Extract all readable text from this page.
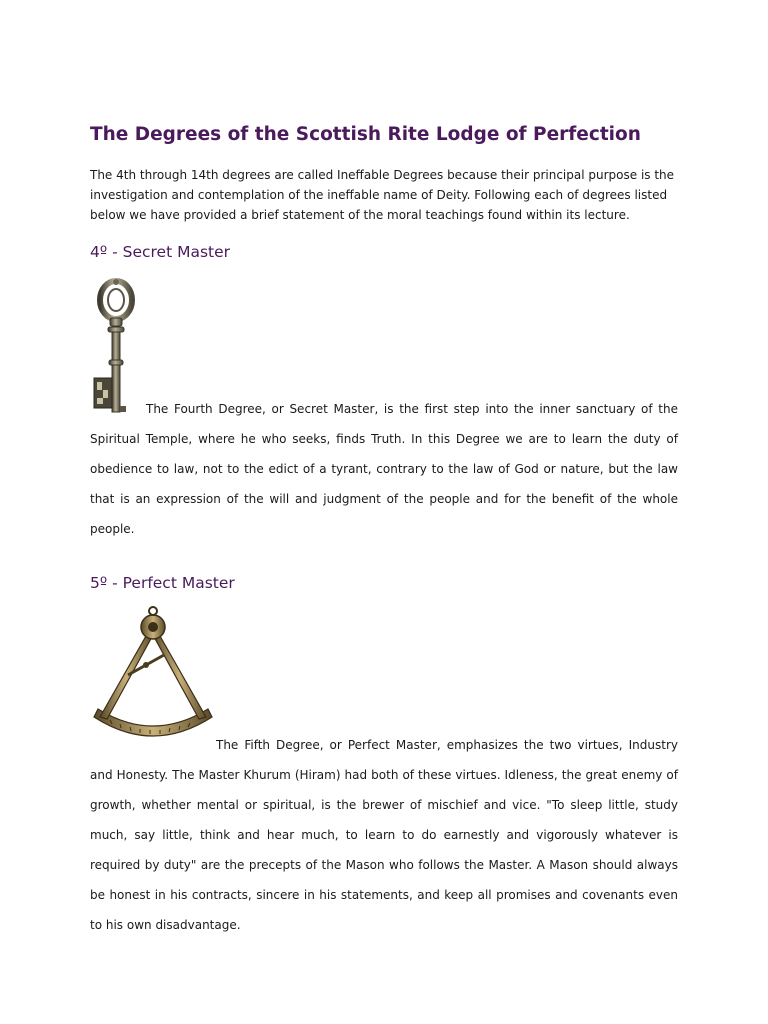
The Degrees of the Scottish Rite Lodge of Perfection

The 4th through 14th degrees are called Ineffable Degrees because their principal purpose is the investigation and contemplation of the ineffable name of Deity. Following each of degrees listed below we have provided a brief statement of the moral teachings found within its lecture.

4º - Secret Master

The Fourth Degree, or Secret Master, is the first step into the inner sanctuary of the Spiritual Temple, where he who seeks, finds Truth. In this Degree we are to learn the duty of obedience to law, not to the edict of a tyrant, contrary to the law of God or nature, but the law that is an expression of the will and judgment of the people and for the benefit of the whole people.

5º - Perfect Master

The Fifth Degree, or Perfect Master, emphasizes the two virtues, Industry and Honesty. The Master Khurum (Hiram) had both of these virtues. Idleness, the great enemy of growth, whether mental or spiritual, is the brewer of mischief and vice. "To sleep little, study much, say little, think and hear much, to learn to do earnestly and vigorously whatever is required by duty" are the precepts of the Mason who follows the Master. A Mason should always be honest in his contracts, sincere in his statements, and keep all promises and covenants even to his own disadvantage.
